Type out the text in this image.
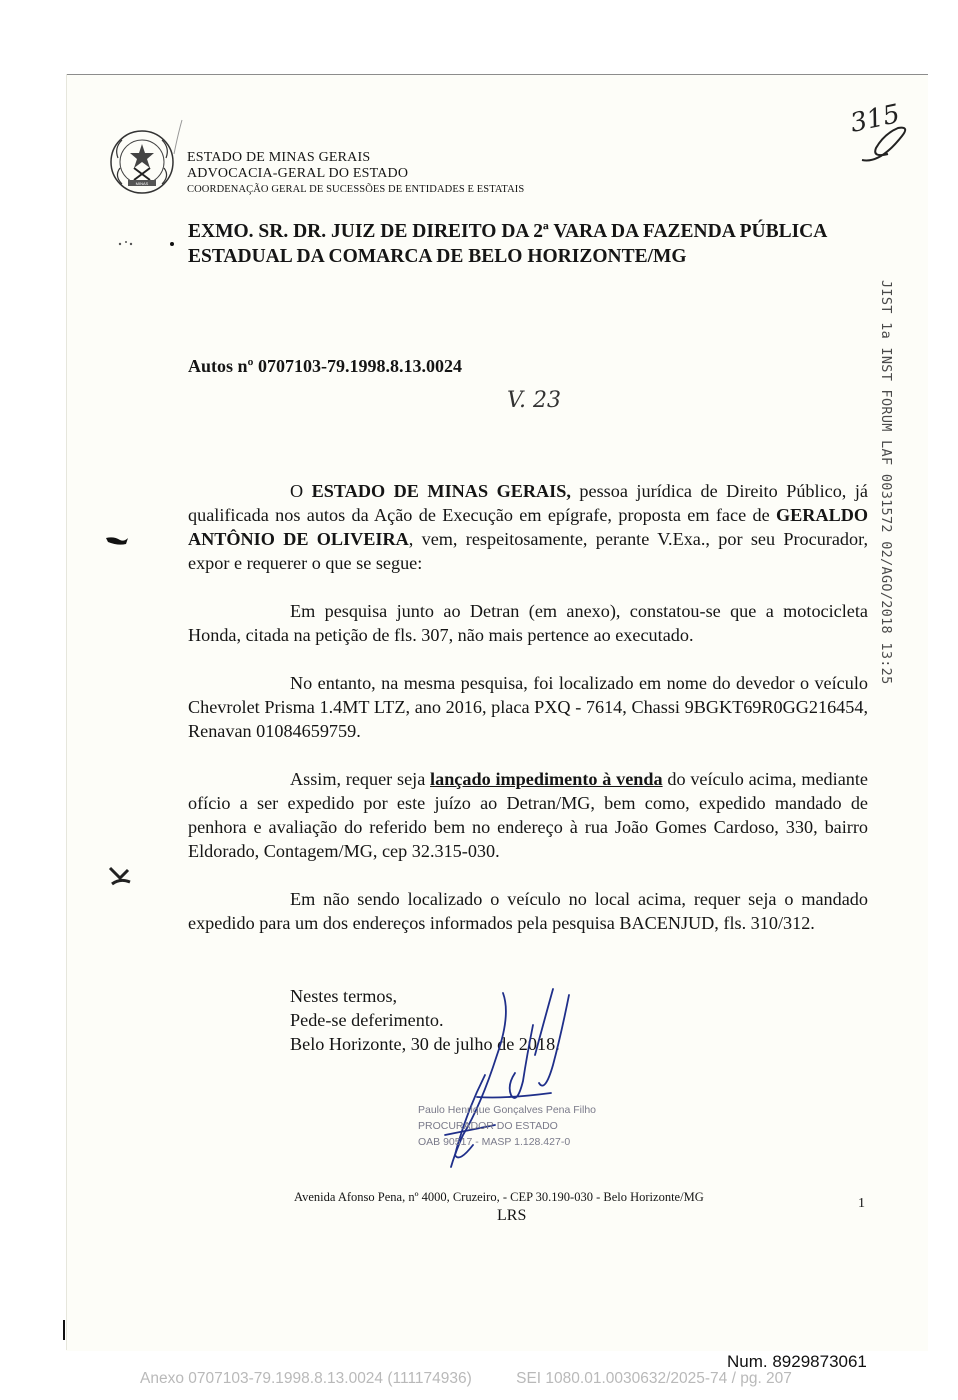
MINAS
ESTADO DE MINAS GERAIS
ADVOCACIA-GERAL DO ESTADO
COORDENAÇÃO GERAL DE SUCESSÕES DE ENTIDADES E ESTATAIS
315
EXMO. SR. DR. JUIZ DE DIREITO DA 2ª VARA DA FAZENDA PÚBLICA
ESTADUAL DA COMARCA DE BELO HORIZONTE/MG
JIST 1a INST FORUM LAF 0031572 02/AGO/2018 13:25
Autos nº 0707103-79.1998.8.13.0024
V. 23

O ESTADO DE MINAS GERAIS, pessoa jurídica de Direito Público, já qualificada nos autos da Ação de Execução em epígrafe, proposta em face de GERALDO ANTÔNIO DE OLIVEIRA, vem, respeitosamente, perante V.Exa., por seu Procurador, expor e requerer o que se segue:

Em pesquisa junto ao Detran (em anexo), constatou-se que a motocicleta Honda, citada na petição de fls. 307, não mais pertence ao executado.

No entanto, na mesma pesquisa, foi localizado em nome do devedor o veículo Chevrolet Prisma 1.4MT LTZ, ano 2016, placa PXQ - 7614, Chassi 9BGKT69R0GG216454, Renavan 01084659759.

Assim, requer seja lançado impedimento à venda do veículo acima, mediante ofício a ser expedido por este juízo ao Detran/MG, bem como, expedido mandado de penhora e avaliação do referido bem no endereço à rua João Gomes Cardoso, 330, bairro Eldorado, Contagem/MG, cep 32.315-030.

Em não sendo localizado o veículo no local acima, requer seja o mandado expedido para um dos endereços informados pela pesquisa BACENJUD, fls. 310/312.

Nestes termos,
Pede-se deferimento.
Belo Horizonte, 30 de julho de 2018.
Paulo Henrique Gonçalves Pena Filho
PROCURADOR DO ESTADO
OAB 90517 - MASP 1.128.427-0
Avenida Afonso Pena, nº 4000, Cruzeiro, - CEP 30.190-030 - Belo Horizonte/MG	1
LRS
Num. 8929873061
Anexo 0707103-79.1998.8.13.0024 (111174936)	SEI 1080.01.0030632/2025-74 / pg. 207
